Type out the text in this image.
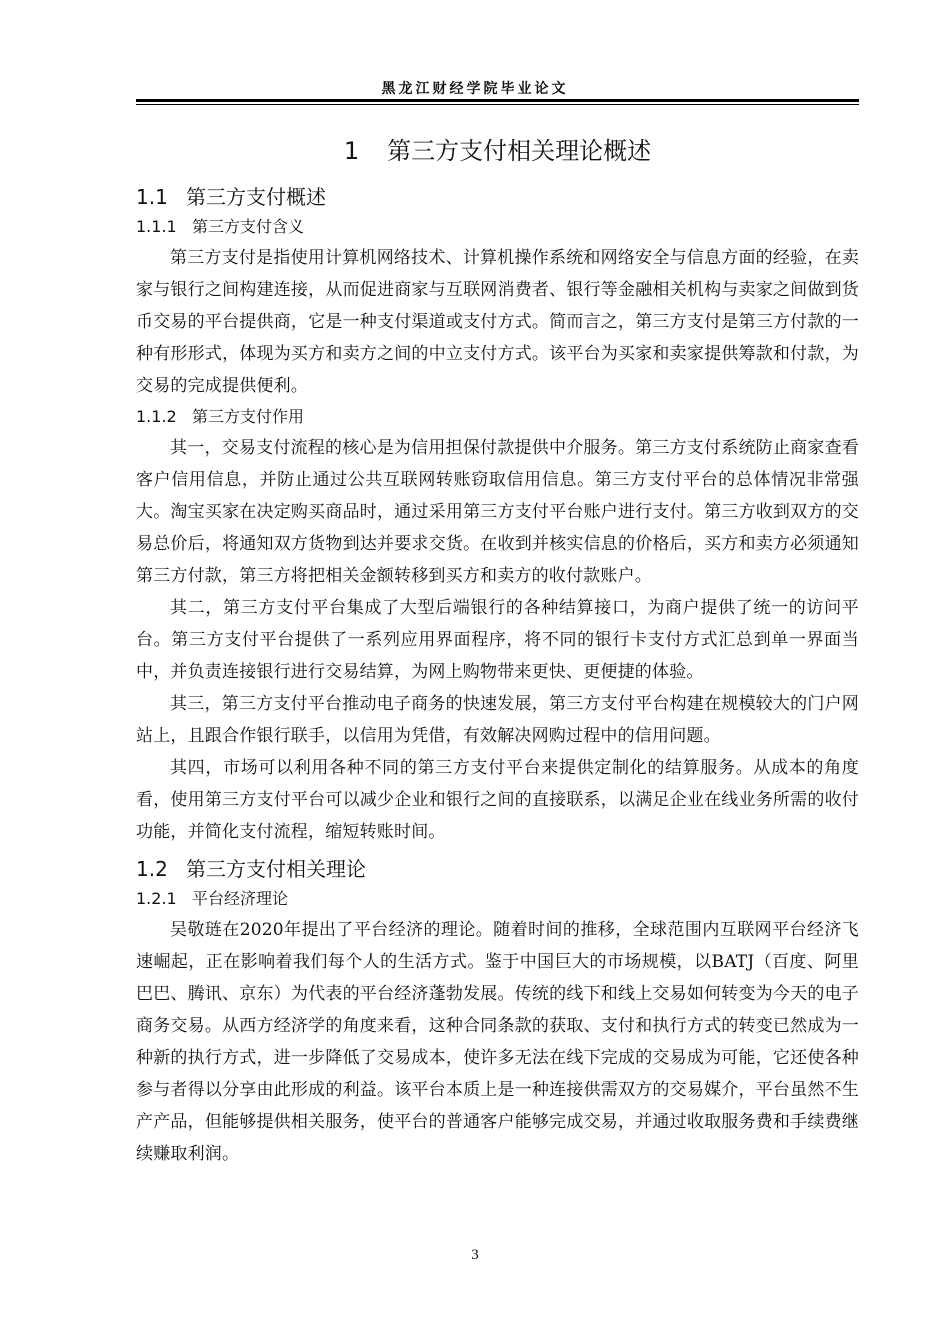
黑龙江财经学院毕业论文
1 第三方支付相关理论概述
1.1 第三方支付概述
1.1.1 第三方支付含义

第三方支付是指使用计算机网络技术、计算机操作系统和网络安全与信息方面的经验，在卖家与银行之间构建连接，从而促进商家与互联网消费者、银行等金融相关机构与卖家之间做到货币交易的平台提供商，它是一种支付渠道或支付方式。简而言之，第三方支付是第三方付款的一种有形形式，体现为买方和卖方之间的中立支付方式。该平台为买家和卖家提供筹款和付款，为交易的完成提供便利。

1.1.2 第三方支付作用

其一，交易支付流程的核心是为信用担保付款提供中介服务。第三方支付系统防止商家查看客户信用信息，并防止通过公共互联网转账窃取信用信息。第三方支付平台的总体情况非常强大。淘宝买家在决定购买商品时，通过采用第三方支付平台账户进行支付。第三方收到双方的交易总价后，将通知双方货物到达并要求交货。在收到并核实信息的价格后，买方和卖方必须通知第三方付款，第三方将把相关金额转移到买方和卖方的收付款账户。

其二，第三方支付平台集成了大型后端银行的各种结算接口，为商户提供了统一的访问平台。第三方支付平台提供了一系列应用界面程序，将不同的银行卡支付方式汇总到单一界面当中，并负责连接银行进行交易结算，为网上购物带来更快、更便捷的体验。

其三，第三方支付平台推动电子商务的快速发展，第三方支付平台构建在规模较大的门户网站上，且跟合作银行联手，以信用为凭借，有效解决网购过程中的信用问题。

其四，市场可以利用各种不同的第三方支付平台来提供定制化的结算服务。从成本的角度看，使用第三方支付平台可以减少企业和银行之间的直接联系，以满足企业在线业务所需的收付功能，并简化支付流程，缩短转账时间。

1.2 第三方支付相关理论
1.2.1 平台经济理论

吴敬琏在2020年提出了平台经济的理论。随着时间的推移，全球范围内互联网平台经济飞速崛起，正在影响着我们每个人的生活方式。鉴于中国巨大的市场规模，以BATJ（百度、阿里巴巴、腾讯、京东）为代表的平台经济蓬勃发展。传统的线下和线上交易如何转变为今天的电子商务交易。从西方经济学的角度来看，这种合同条款的获取、支付和执行方式的转变已然成为一种新的执行方式，进一步降低了交易成本，使许多无法在线下完成的交易成为可能，它还使各种参与者得以分享由此形成的利益。该平台本质上是一种连接供需双方的交易媒介，平台虽然不生产产品，但能够提供相关服务，使平台的普通客户能够完成交易，并通过收取服务费和手续费继续赚取利润。

3
